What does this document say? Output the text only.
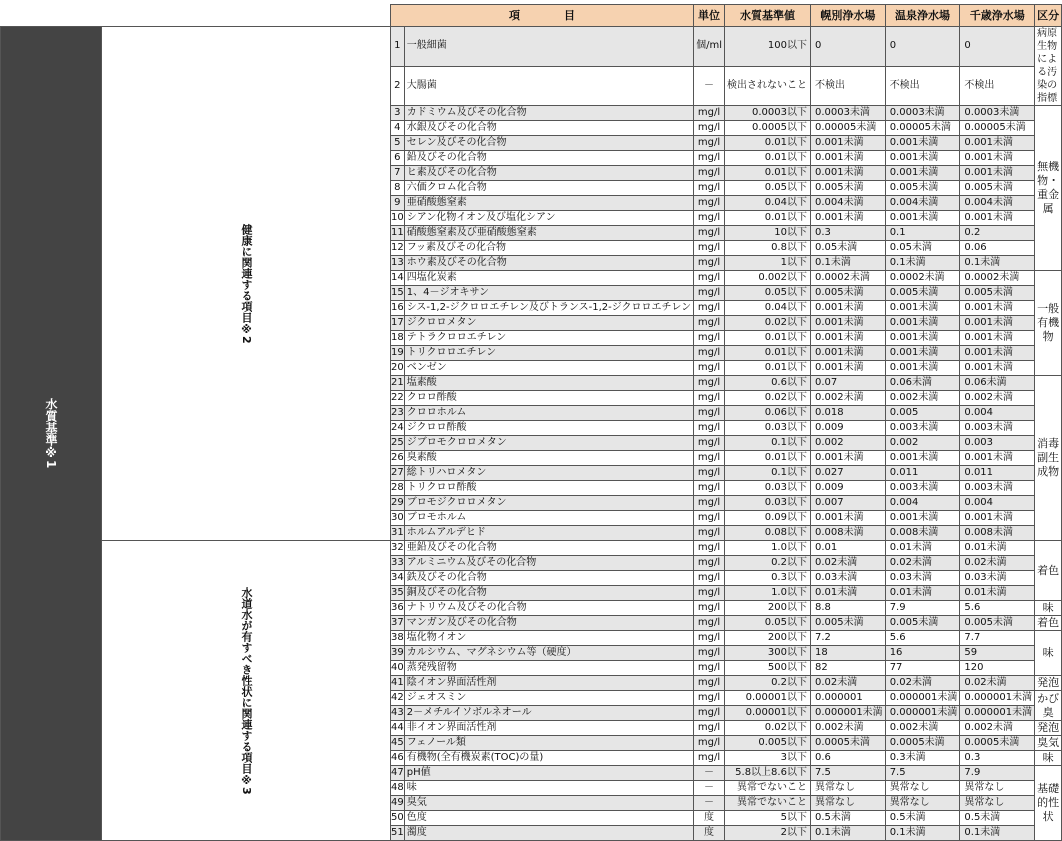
		項　　　　目		単位	水質基準値	幌別浄水場	温泉浄水場	千歳浄水場	区分
水質基準※1	健康に関連する項目※2	1	一般細菌	個/ml	100以下	0	0	0	病原生物による汚染の指標
		2	大腸菌	－	検出されないこと	不検出	不検出	不検出	
		3	カドミウム及びその化合物	mg/l	0.0003以下	0.0003未満	0.0003未満	0.0003未満	無機物・重金属
		4	水銀及びその化合物	mg/l	0.0005以下	0.00005未満	0.00005未満	0.00005未満	
		5	セレン及びその化合物	mg/l	0.01以下	0.001未満	0.001未満	0.001未満	
		6	鉛及びその化合物	mg/l	0.01以下	0.001未満	0.001未満	0.001未満	
		7	ヒ素及びその化合物	mg/l	0.01以下	0.001未満	0.001未満	0.001未満	
		8	六価クロム化合物	mg/l	0.05以下	0.005未満	0.005未満	0.005未満	
		9	亜硝酸態窒素	mg/l	0.04以下	0.004未満	0.004未満	0.004未満	
		10	シアン化物イオン及び塩化シアン	mg/l	0.01以下	0.001未満	0.001未満	0.001未満	
		11	硝酸態窒素及び亜硝酸態窒素	mg/l	10以下	0.3	0.1	0.2	
		12	フッ素及びその化合物	mg/l	0.8以下	0.05未満	0.05未満	0.06	
		13	ホウ素及びその化合物	mg/l	1以下	0.1未満	0.1未満	0.1未満	
		14	四塩化炭素	mg/l	0.002以下	0.0002未満	0.0002未満	0.0002未満	一般有機物
		15	1、4－ジオキサン	mg/l	0.05以下	0.005未満	0.005未満	0.005未満	
		16	シス-1,2-ジクロロエチレン及びトランス-1,2-ジクロロエチレン	mg/l	0.04以下	0.001未満	0.001未満	0.001未満	
		17	ジクロロメタン	mg/l	0.02以下	0.001未満	0.001未満	0.001未満	
		18	テトラクロロエチレン	mg/l	0.01以下	0.001未満	0.001未満	0.001未満	
		19	トリクロロエチレン	mg/l	0.01以下	0.001未満	0.001未満	0.001未満	
		20	ベンゼン	mg/l	0.01以下	0.001未満	0.001未満	0.001未満	
		21	塩素酸	mg/l	0.6以下	0.07	0.06未満	0.06未満	消毒副生成物
		22	クロロ酢酸	mg/l	0.02以下	0.002未満	0.002未満	0.002未満	
		23	クロロホルム	mg/l	0.06以下	0.018	0.005	0.004	
		24	ジクロロ酢酸	mg/l	0.03以下	0.009	0.003未満	0.003未満	
		25	ジブロモクロロメタン	mg/l	0.1以下	0.002	0.002	0.003	
		26	臭素酸	mg/l	0.01以下	0.001未満	0.001未満	0.001未満	
		27	総トリハロメタン	mg/l	0.1以下	0.027	0.011	0.011	
		28	トリクロロ酢酸	mg/l	0.03以下	0.009	0.003未満	0.003未満	
		29	ブロモジクロロメタン	mg/l	0.03以下	0.007	0.004	0.004	
		30	ブロモホルム	mg/l	0.09以下	0.001未満	0.001未満	0.001未満	
		31	ホルムアルデヒド	mg/l	0.08以下	0.008未満	0.008未満	0.008未満	
	水道水が有すべき性状に関連する項目※3	32	亜鉛及びその化合物	mg/l	1.0以下	0.01	0.01未満	0.01未満	着色
		33	アルミニウム及びその化合物	mg/l	0.2以下	0.02未満	0.02未満	0.02未満	
		34	鉄及びその化合物	mg/l	0.3以下	0.03未満	0.03未満	0.03未満	
		35	銅及びその化合物	mg/l	1.0以下	0.01未満	0.01未満	0.01未満	
		36	ナトリウム及びその化合物	mg/l	200以下	8.8	7.9	5.6	味
		37	マンガン及びその化合物	mg/l	0.05以下	0.005未満	0.005未満	0.005未満	着色
		38	塩化物イオン	mg/l	200以下	7.2	5.6	7.7	味
		39	カルシウム、マグネシウム等（硬度）	mg/l	300以下	18	16	59	
		40	蒸発残留物	mg/l	500以下	82	77	120	
		41	陰イオン界面活性剤	mg/l	0.2以下	0.02未満	0.02未満	0.02未満	発泡
		42	ジェオスミン	mg/l	0.00001以下	0.000001	0.000001未満	0.000001未満	かび臭
		43	2－メチルイソボルネオール	mg/l	0.00001以下	0.000001未満	0.000001未満	0.000001未満	
		44	非イオン界面活性剤	mg/l	0.02以下	0.002未満	0.002未満	0.002未満	発泡
		45	フェノール類	mg/l	0.005以下	0.0005未満	0.0005未満	0.0005未満	臭気
		46	有機物(全有機炭素(TOC)の量)	mg/l	3以下	0.6	0.3未満	0.3	味
		47	pH値	－	5.8以上8.6以下	7.5	7.5	7.9	基礎的性状
		48	味	－	異常でないこと	異常なし	異常なし	異常なし	
		49	臭気	－	異常でないこと	異常なし	異常なし	異常なし	
		50	色度	度	5以下	0.5未満	0.5未満	0.5未満	
		51	濁度	度	2以下	0.1未満	0.1未満	0.1未満	
